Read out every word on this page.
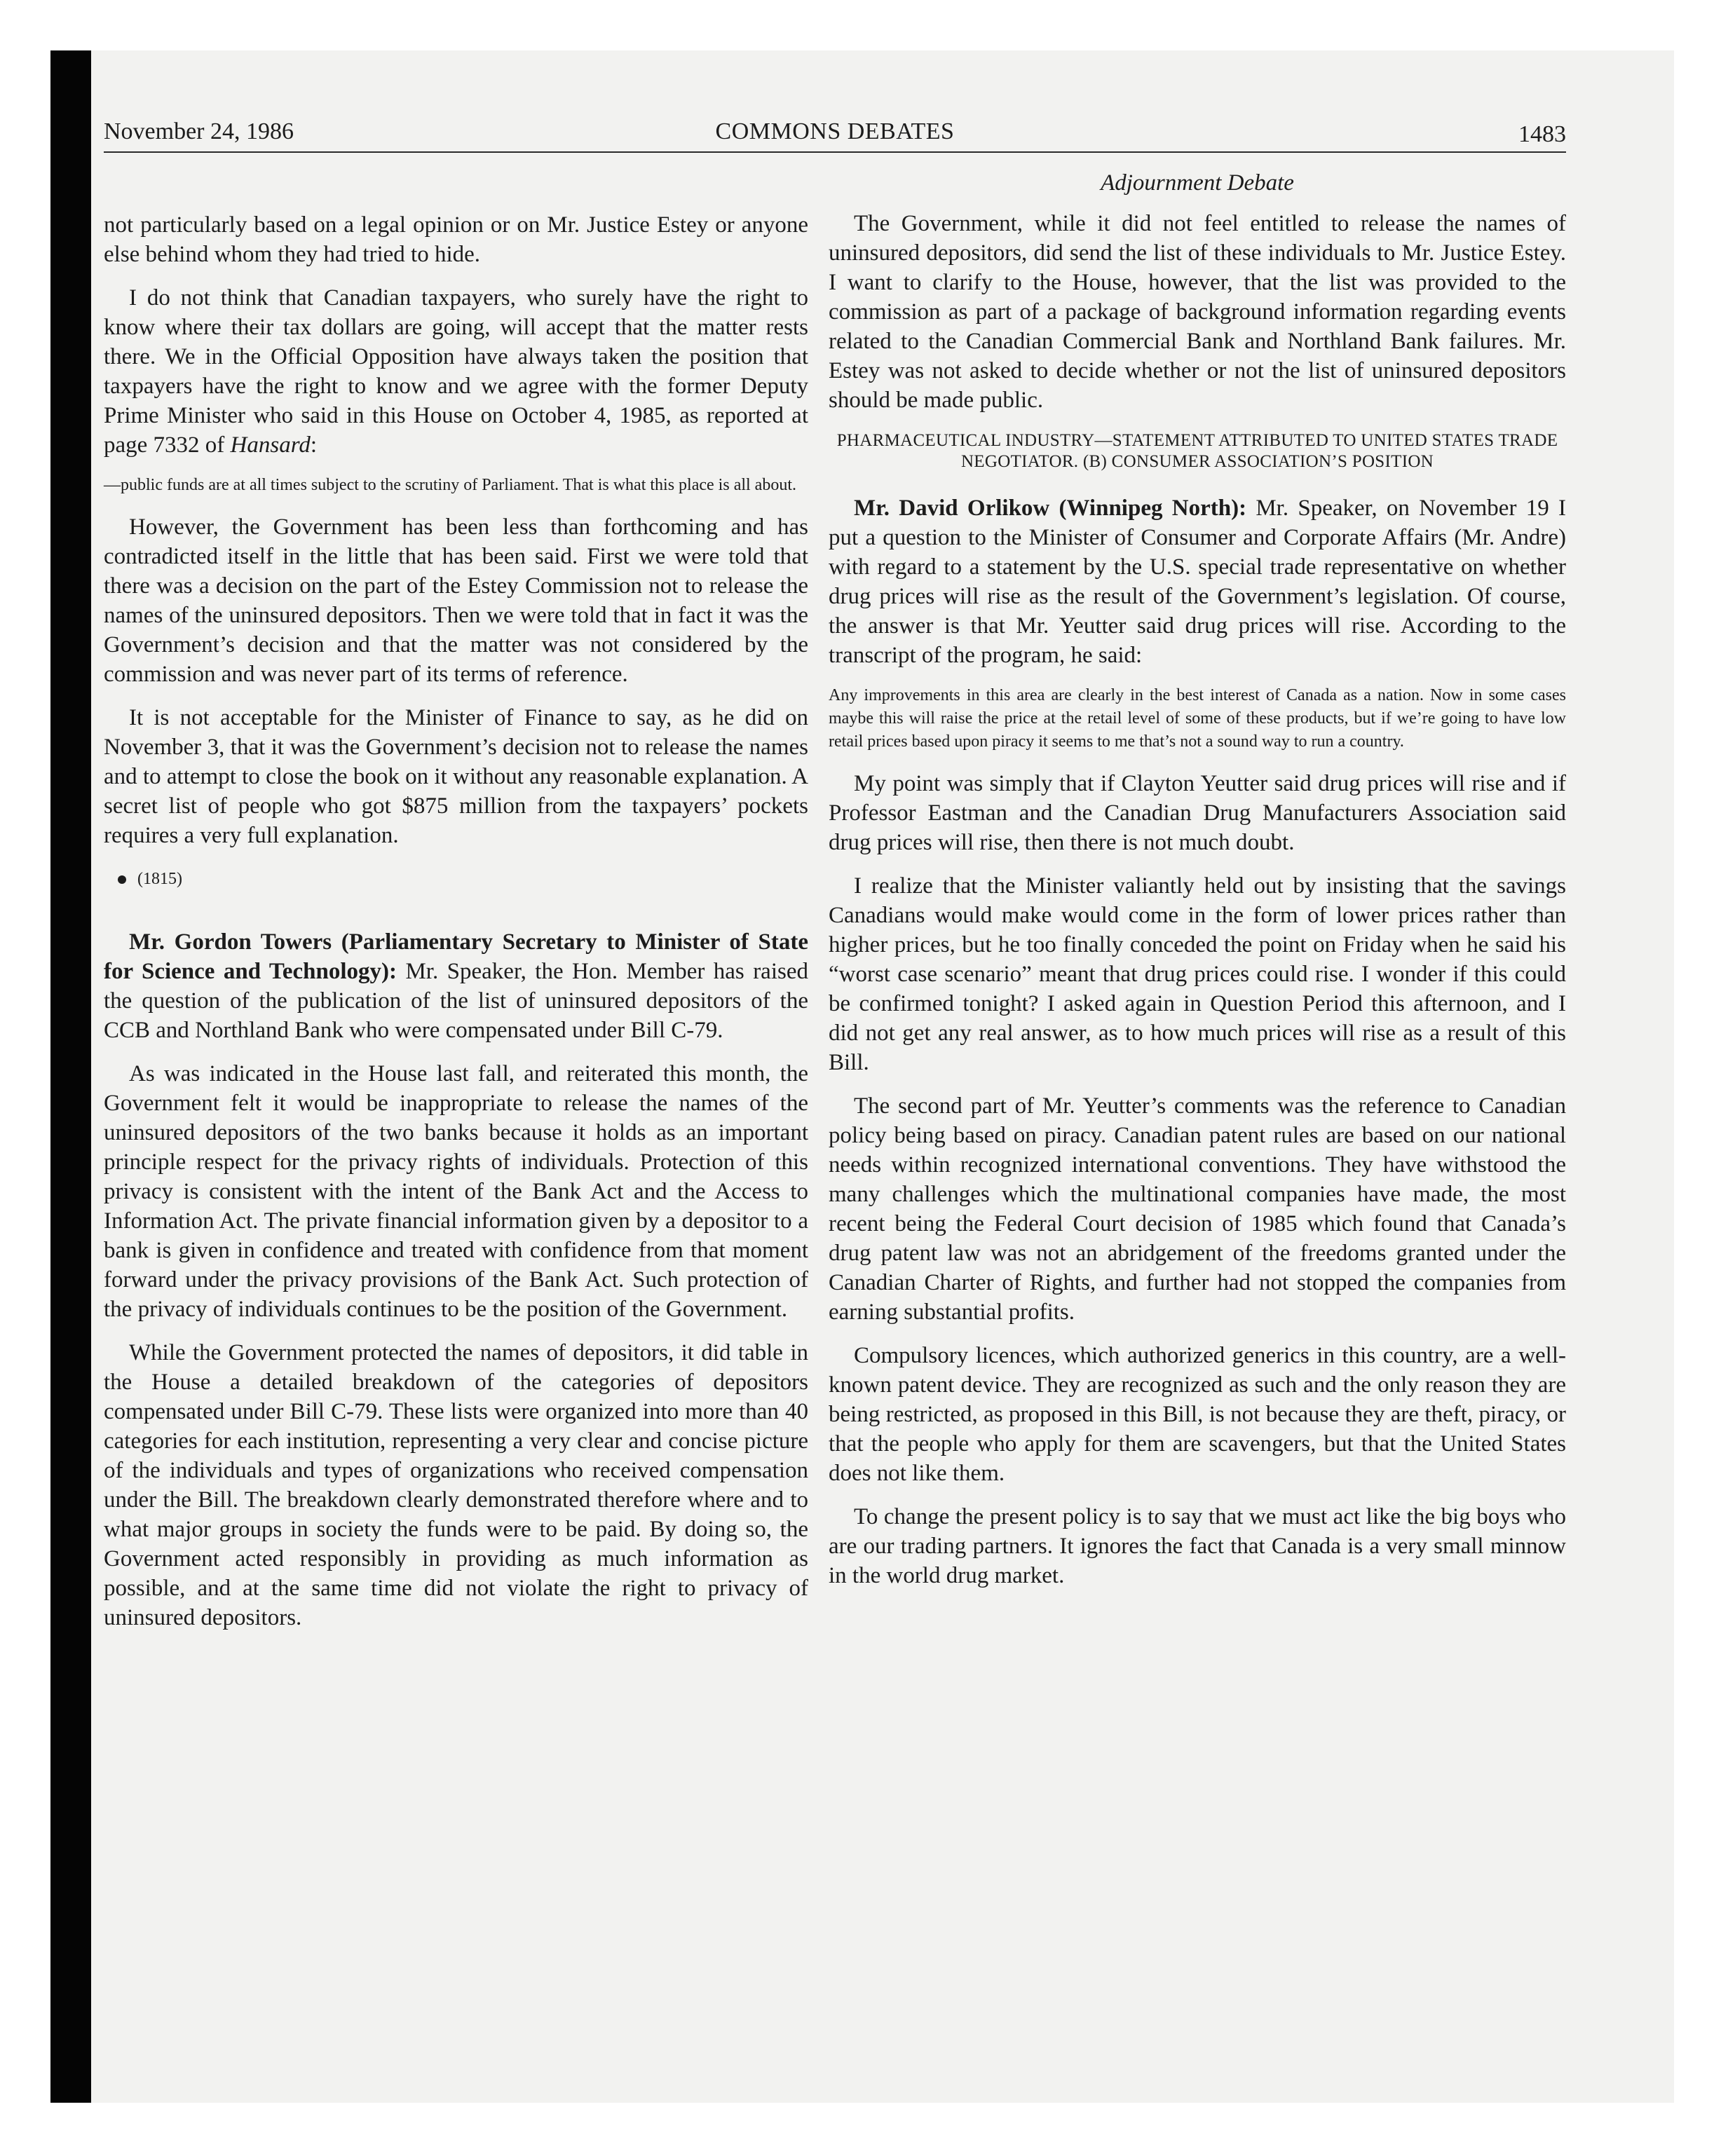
November 24, 1986	COMMONS DEBATES	1483

not particularly based on a legal opinion or on Mr. Justice Estey or anyone else behind whom they had tried to hide.

I do not think that Canadian taxpayers, who surely have the right to know where their tax dollars are going, will accept that the matter rests there. We in the Official Opposition have always taken the position that taxpayers have the right to know and we agree with the former Deputy Prime Minister who said in this House on October 4, 1985, as reported at page 7332 of Hansard:

—public funds are at all times subject to the scrutiny of Parliament. That is what this place is all about.

However, the Government has been less than forthcoming and has contradicted itself in the little that has been said. First we were told that there was a decision on the part of the Estey Commission not to release the names of the uninsured depositors. Then we were told that in fact it was the Government’s decision and that the matter was not considered by the commission and was never part of its terms of reference.

It is not acceptable for the Minister of Finance to say, as he did on November 3, that it was the Government’s decision not to release the names and to attempt to close the book on it without any reasonable explanation. A secret list of people who got $875 million from the taxpayers’ pockets requires a very full explanation.

(1815)

Mr. Gordon Towers (Parliamentary Secretary to Minister of State for Science and Technology): Mr. Speaker, the Hon. Member has raised the question of the publication of the list of uninsured depositors of the CCB and Northland Bank who were compensated under Bill C-79.

As was indicated in the House last fall, and reiterated this month, the Government felt it would be inappropriate to release the names of the uninsured depositors of the two banks because it holds as an important principle respect for the privacy rights of individuals. Protection of this privacy is consistent with the intent of the Bank Act and the Access to Information Act. The private financial information given by a depositor to a bank is given in confidence and treated with confidence from that moment forward under the privacy provisions of the Bank Act. Such protection of the privacy of individuals continues to be the position of the Government.

While the Government protected the names of depositors, it did table in the House a detailed breakdown of the categories of depositors compensated under Bill C-79. These lists were organized into more than 40 categories for each institution, representing a very clear and concise picture of the individuals and types of organizations who received compensation under the Bill. The breakdown clearly demonstrated therefore where and to what major groups in society the funds were to be paid. By doing so, the Government acted responsibly in providing as much information as possible, and at the same time did not violate the right to privacy of uninsured depositors.

Adjournment Debate

The Government, while it did not feel entitled to release the names of uninsured depositors, did send the list of these individuals to Mr. Justice Estey. I want to clarify to the House, however, that the list was provided to the commission as part of a package of background information regarding events related to the Canadian Commercial Bank and Northland Bank failures. Mr. Estey was not asked to decide whether or not the list of uninsured depositors should be made public.

PHARMACEUTICAL INDUSTRY—STATEMENT ATTRIBUTED TO UNITED STATES TRADE NEGOTIATOR. (B) CONSUMER ASSOCIATION’S POSITION

Mr. David Orlikow (Winnipeg North): Mr. Speaker, on November 19 I put a question to the Minister of Consumer and Corporate Affairs (Mr. Andre) with regard to a statement by the U.S. special trade representative on whether drug prices will rise as the result of the Government’s legislation. Of course, the answer is that Mr. Yeutter said drug prices will rise. According to the transcript of the program, he said:

Any improvements in this area are clearly in the best interest of Canada as a nation. Now in some cases maybe this will raise the price at the retail level of some of these products, but if we’re going to have low retail prices based upon piracy it seems to me that’s not a sound way to run a country.

My point was simply that if Clayton Yeutter said drug prices will rise and if Professor Eastman and the Canadian Drug Manufacturers Association said drug prices will rise, then there is not much doubt.

I realize that the Minister valiantly held out by insisting that the savings Canadians would make would come in the form of lower prices rather than higher prices, but he too finally conceded the point on Friday when he said his “worst case scenario” meant that drug prices could rise. I wonder if this could be confirmed tonight? I asked again in Question Period this afternoon, and I did not get any real answer, as to how much prices will rise as a result of this Bill.

The second part of Mr. Yeutter’s comments was the reference to Canadian policy being based on piracy. Canadian patent rules are based on our national needs within recognized international conventions. They have withstood the many challenges which the multinational companies have made, the most recent being the Federal Court decision of 1985 which found that Canada’s drug patent law was not an abridgement of the freedoms granted under the Canadian Charter of Rights, and further had not stopped the companies from earning substantial profits.

Compulsory licences, which authorized generics in this country, are a well-known patent device. They are recognized as such and the only reason they are being restricted, as proposed in this Bill, is not because they are theft, piracy, or that the people who apply for them are scavengers, but that the United States does not like them.

To change the present policy is to say that we must act like the big boys who are our trading partners. It ignores the fact that Canada is a very small minnow in the world drug market.
